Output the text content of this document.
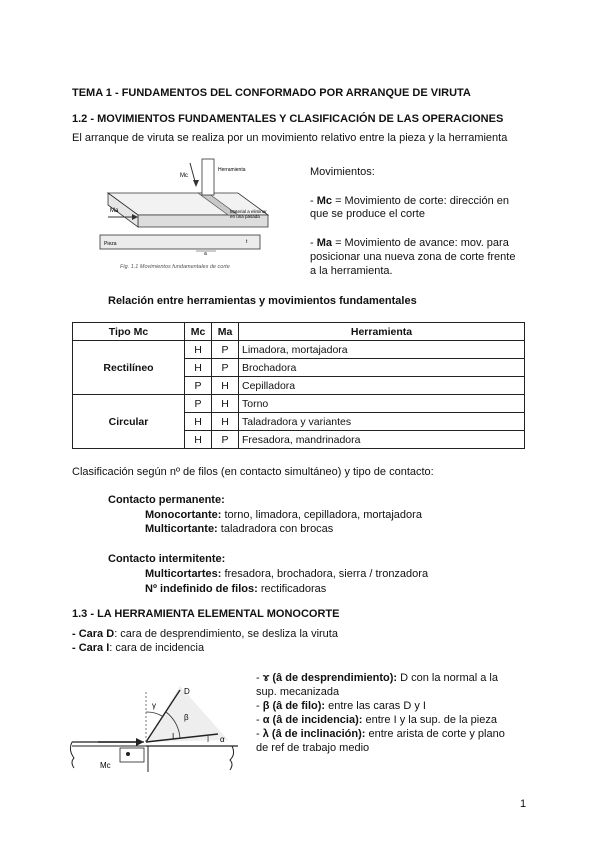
TEMA 1 - FUNDAMENTOS DEL CONFORMADO POR ARRANQUE DE VIRUTA
1.2 - MOVIMIENTOS FUNDAMENTALES Y CLASIFICACIÓN DE LAS OPERACIONES
El arranque de viruta se realiza por un movimiento relativo entre la pieza y la herramienta
Mc
Ma
Herramienta
Material a eliminar
en una pasada
Pieza	t
a
Fig. 1.1 Movimientos fundamentales de corte
Movimientos:
- Mc = Movimiento de corte: dirección en
que se produce el corte
- Ma = Movimiento de avance: mov. para
posicionar una nueva zona de corte frente
a la herramienta.
Relación entre herramientas y movimientos fundamentales
Tipo Mc	Mc	Ma	Herramienta
Rectilíneo	H	P	Limadora, mortajadora
	H	P	Brochadora
	P	H	Cepilladora
Circular	P	H	Torno
	H	H	Taladradora y variantes
	H	P	Fresadora, mandrinadora
Clasificación según nº de filos (en contacto simultáneo) y tipo de contacto:
Contacto permanente:
Monocortante: torno, limadora, cepilladora, mortajadora
Multicortante: taladradora con brocas
Contacto intermitente:
Multicortartes: fresadora, brochadora, sierra / tronzadora
Nº indefinido de filos: rectificadoras
1.3 - LA HERRAMIENTA ELEMENTAL MONOCORTE
- Cara D: cara de desprendimiento, se desliza la viruta
- Cara I: cara de incidencia
- ɤ (â de desprendimiento): D con la normal a la
sup. mecanizada
- β (â de filo): entre las caras D y I
- α (â de incidencia): entre I y la sup. de la pieza
- λ (â de inclinación): entre arista de corte y plano
de ref de trabajo medio
D
I
γ
β
α
Mc
1
